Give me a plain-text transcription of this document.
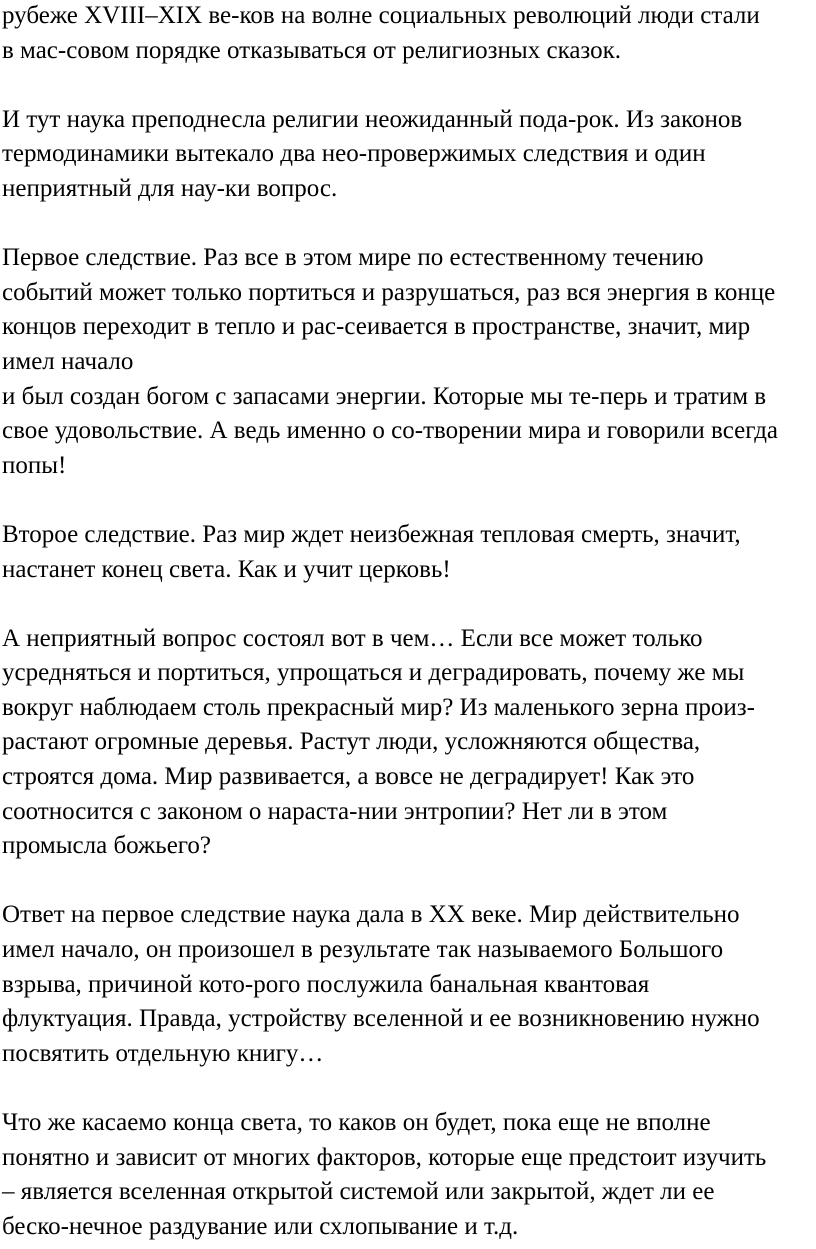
рубеже XVIII–XIX ве-ков на волне социальных революций люди стали
в мас-совом порядке отказываться от религиозных сказок.

И тут наука преподнесла религии неожиданный пода-рок. Из законов
термодинамики вытекало два нео-провержимых следствия и один
неприятный для нау-ки вопрос.

Первое следствие. Раз все в этом мире по естественному течению
событий может только портиться и разрушаться, раз вся энергия в конце
концов переходит в тепло и рас-сеивается в пространстве, значит, мир
имел начало
и был создан богом с запасами энергии. Которые мы те-перь и тратим в
свое удовольствие. А ведь именно о со-творении мира и говорили всегда
попы!

Второе следствие. Раз мир ждет неизбежная тепловая смерть, значит,
настанет конец света. Как и учит церковь!

А неприятный вопрос состоял вот в чем… Если все может только
усредняться и портиться, упрощаться и деградировать, почему же мы
вокруг наблюдаем столь прекрасный мир? Из маленького зерна произ-
растают огромные деревья. Растут люди, усложняются общества,
строятся дома. Мир развивается, а вовсе не деградирует! Как это
соотносится с законом о нараста-нии энтропии? Нет ли в этом
промысла божьего?

Ответ на первое следствие наука дала в ХХ веке. Мир действительно
имел начало, он произошел в результате так называемого Большого
взрыва, причиной кото-рого послужила банальная квантовая
флуктуация. Правда, устройству вселенной и ее возникновению нужно
посвятить отдельную книгу…

Что же касаемо конца света, то каков он будет, пока еще не вполне
понятно и зависит от многих факторов, которые еще предстоит изучить
– является вселенная открытой системой или закрытой, ждет ли ее
беско-нечное раздувание или схлопывание и т.д.
